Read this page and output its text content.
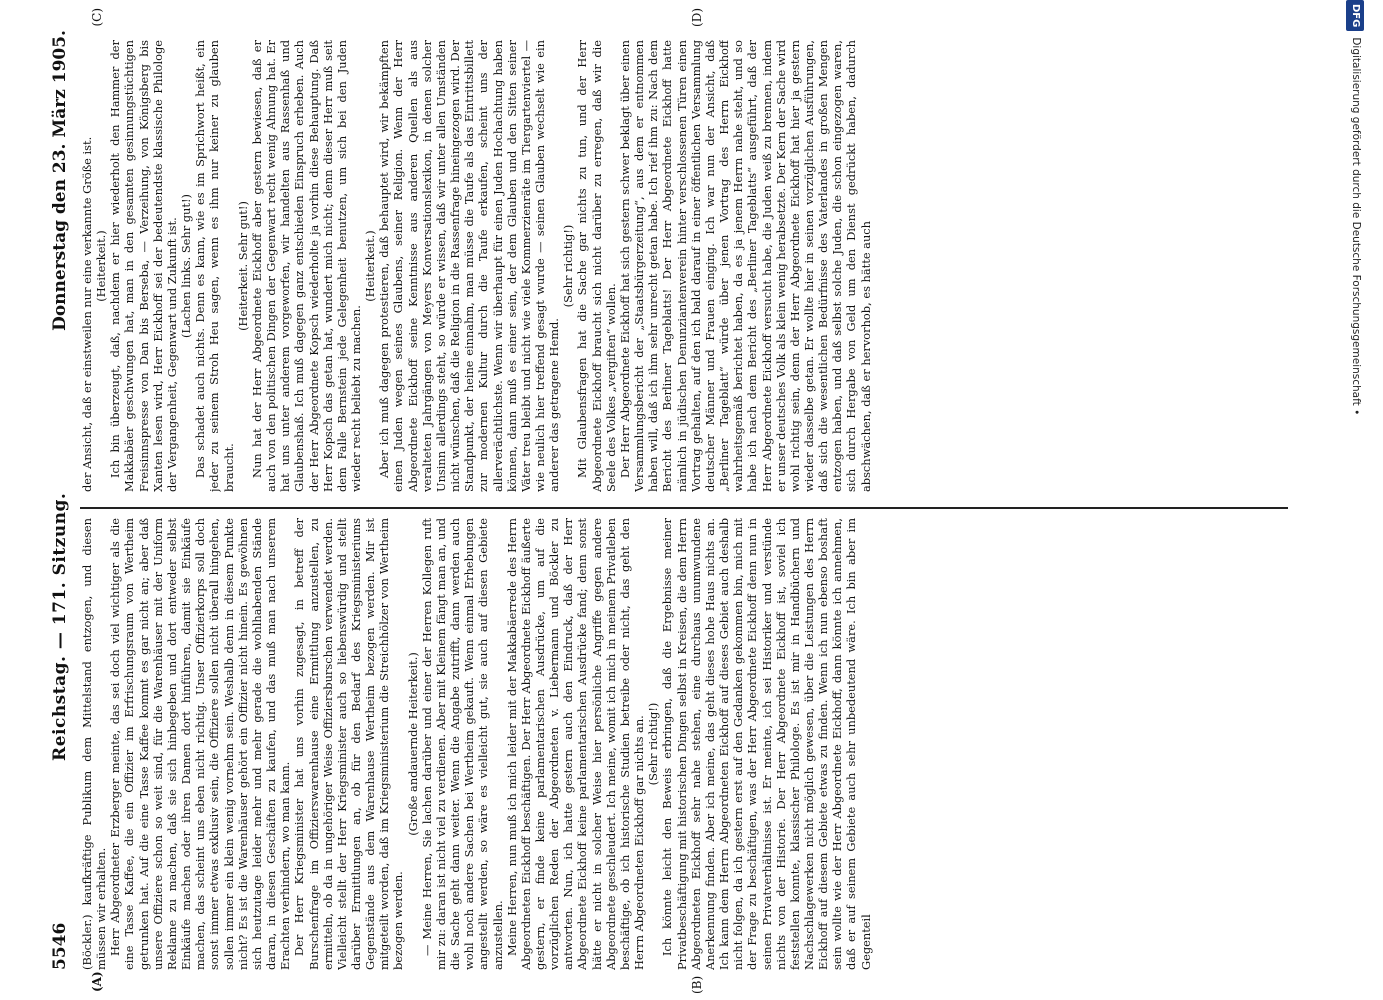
5546
Reichstag. — 171. Sitzung.
Donnerstag den 23. März 1905.
(A)	(B)
(C)	(D)

(Böckler.) kaufkräftige Publikum dem Mittelstand entzogen, und diesen müssen wir erhalten. Herr Abgeordneter Erzberger meinte, das sei doch viel wichtiger als die eine Tasse Kaffee, die ein Offizier im Erfrischungsraum von Wertheim getrunken hat. Auf die eine Tasse Kaffee kommt es gar nicht an; aber daß unsere Offiziere schon so weit sind, für die Warenhäuser mit der Uniform Reklame zu machen, daß sie sich hinbegeben und dort entweder selbst Einkäufe machen oder ihren Damen dort hinführen, damit sie Einkäufe machen, das scheint uns eben nicht richtig. Unser Offizierkorps soll doch sonst immer etwas exklusiv sein, die Offiziere sollen nicht überall hingehen, sollen immer ein klein wenig vornehm sein. Weshalb denn in diesem Punkte nicht? Es ist die Warenhäuser gehört ein Offizier nicht hinein. Es gewöhnen sich heutzutage leider mehr und mehr gerade die wohlhabenden Stände daran, in diesen Geschäften zu kaufen, und das muß man nach unserem Erachten verhindern, wo man kann. Der Herr Kriegsminister hat uns vorhin zugesagt, in betreff der Burschenfrage im Offizierswarenhause eine Ermittlung anzustellen, zu ermitteln, ob da in ungehöriger Weise Offiziersburschen verwendet werden. Vielleicht stellt der Herr Kriegsminister auch so liebenswürdig und stellt darüber Ermittlungen an, ob für den Bedarf des Kriegsministeriums Gegenstände aus dem Warenhause Wertheim bezogen werden. Mir ist mitgeteilt worden, daß im Kriegsministerium die Streichhölzer von Wertheim bezogen werden.

(Große andauernde Heiterkeit.) — Meine Herren, Sie lachen darüber und einer der Herren Kollegen ruft mir zu: daran ist nicht viel zu verdienen. Aber mit Kleinem fängt man an, und die Sache geht dann weiter. Wenn die Angabe zutrifft, dann werden auch wohl noch andere Sachen bei Wertheim gekauft. Wenn einmal Erhebungen angestellt werden, so wäre es vielleicht gut, sie auch auf diesen Gebiete anzustellen. Meine Herren, nun muß ich mich leider mit der Makkabäerrede des Herrn Abgeordneten Eickhoff beschäftigen. Der Herr Abgeordnete Eickhoff äußerte gestern, er finde keine parlamentarischen Ausdrücke, um auf die vorzüglichen Reden der Abgeordneten v. Liebermann und Böckler zu antworten. Nun, ich hatte gestern auch den Eindruck, daß der Herr Abgeordnete Eickhoff keine parlamentarischen Ausdrücke fand; denn sonst hätte er nicht in solcher Weise hier persönliche Angriffe gegen andere Abgeordnete geschleudert. Ich meine, womit ich mich in meinem Privatleben beschäftige, ob ich historische Studien betreibe oder nicht, das geht den Herrn Abgeordneten Eickhoff gar nichts an. (Sehr richtig!) Ich könnte leicht den Beweis erbringen, daß die Ergebnisse meiner Privatbeschäftigung mit historischen Dingen selbst in Kreisen, die dem Herrn Abgeordneten Eickhoff sehr nahe stehen, eine durchaus unumwundene Anerkennung finden. Aber ich meine, das geht dieses hohe Haus nichts an. Ich kann dem Herrn Abgeordneten Eickhoff auf dieses Gebiet auch deshalb nicht folgen, da ich gestern erst auf den Gedanken gekommen bin, mich mit der Frage zu beschäftigen, was der Herr Abgeordnete Eickhoff denn nun in seinen Privatverhältnisse ist. Er meinte, ich sei Historiker und verstünde nichts von der Historie. Der Herr Abgeordnete Eickhoff ist, soviel ich feststellen konnte, klassischer Philologe. Es ist mir in Handbüchern und Nachschlagewerken nicht möglich gewesen, über die Leistungen des Herrn Eickhoff auf diesem Gebiete etwas zu finden. Wenn ich nun ebenso boshaft sein wollte wie der Herr Abgeordnete Eickhoff, dann könnte ich annehmen, daß er auf seinem Gebiete auch sehr unbedeutend wäre. Ich bin aber im Gegenteil

der Ansicht, daß er einstweilen nur eine verkannte Größe ist. (Heiterkeit.) Ich bin überzeugt, daß, nachdem er hier wiederholt den Hammer der Makkabäer geschwungen hat, man in den gesamten gesinnungstüchtigen Freisinnspresse von Dan bis Berseba, — Verzeihung, von Königsberg bis Xanten lesen wird, Herr Eickhoff sei der bedeutendste klassische Philologe der Vergangenheit, Gegenwart und Zukunft ist. (Lachen links. Sehr gut!) Das schadet auch nichts. Denn es kann, wie es im Sprichwort heißt, ein jeder zu seinem Stroh Heu sagen, wenn es ihm nur keiner zu glauben braucht.

(Heiterkeit. Sehr gut!) Nun hat der Herr Abgeordnete Eickhoff aber gestern bewiesen, daß er auch von den politischen Dingen der Gegenwart recht wenig Ahnung hat. Er hat uns unter anderem vorgeworfen, wir handelten aus Rassenhaß und Glaubenshaß. Ich muß dagegen ganz entschieden Einspruch erheben. Auch der Herr Abgeordnete Kopsch wiederholte ja vorhin diese Behauptung. Daß Herr Kopsch das getan hat, wundert mich nicht; denn dieser Herr muß seit dem Falle Bernstein jede Gelegenheit benutzen, um sich bei den Juden wieder recht beliebt zu machen.

(Heiterkeit.) Aber ich muß dagegen protestieren, daß behauptet wird, wir bekämpften einen Juden wegen seines Glaubens, seiner Religion. Wenn der Herr Abgeordnete Eickhoff seine Kenntnisse aus anderen Quellen als aus veralteten Jahrgängen von Meyers Konversationslexikon, in denen solcher Unsinn allerdings steht, so würde er wissen, daß wir unter allen Umständen nicht wünschen, daß die Religion in die Rassenfrage hineingezogen wird. Der Standpunkt, der heine einnahm, man müsse die Taufe als das Eintrittsbillett zur modernen Kultur durch die Taufe erkaufen, scheint uns der allerverächtlichste. Wenn wir überhaupt für einen Juden Hochachtung haben können, dann muß es einer sein, der dem Glauben und den Sitten seiner Väter treu bleibt und nicht wie viele Kommerzienräte im Tiergartenviertel — wie neulich hier treffend gesagt wurde — seinen Glauben wechselt wie ein anderer das getragene Hemd.

(Sehr richtig!) Mit Glaubensfragen hat die Sache gar nichts zu tun, und der Herr Abgeordnete Eickhoff braucht sich nicht darüber zu erregen, daß wir die Seele des Volkes „vergiften“ wollen. Der Herr Abgeordnete Eickhoff hat sich gestern schwer beklagt über einen Versammlungsbericht der „Staatsbürgerzeitung“, aus dem er entnommen haben will, daß ich ihm sehr unrecht getan habe. Ich rief ihm zu: Nach dem Bericht des Berliner Tageblatts! Der Herr Abgeordnete Eickhoff hatte nämlich in jüdischen Denunziantenverein hinter verschlossenen Türen einen Vortrag gehalten, auf den ich bald darauf in einer öffentlichen Versammlung deutscher Männer und Frauen einging. Ich war nun der Ansicht, daß „Berliner Tageblatt“ würde über jenen Vortrag des Herrn Eickhoff wahrheitsgemäß berichtet haben, da es ja jenem Herrn nahe steht, und so habe ich nach dem Bericht des „Berliner Tageblatts“ ausgeführt, daß der Herr Abgeordnete Eickhoff versucht habe, die Juden weiß zu brennen, indem er unser deutsches Volk als klein wenig herabsetzte. Der Kern der Sache wird wohl richtig sein, denn der Herr Abgeordnete Eickhoff hat hier ja gestern wieder dasselbe getan. Er wollte hier in seinen vorzüglichen Ausführungen, daß sich die wesentlichen Bedürfnisse des Vaterlandes in großen Mengen entzogen haben, und daß selbst solche Juden, die schon eingezogen waren, sich durch Hergabe von Geld um den Dienst gedrückt haben, dadurch abschwächen, daß er hervorhob, es hätte auch

DFGDigitalisierung gefördert durch die Deutsche Forschungsgemeinschaft •
